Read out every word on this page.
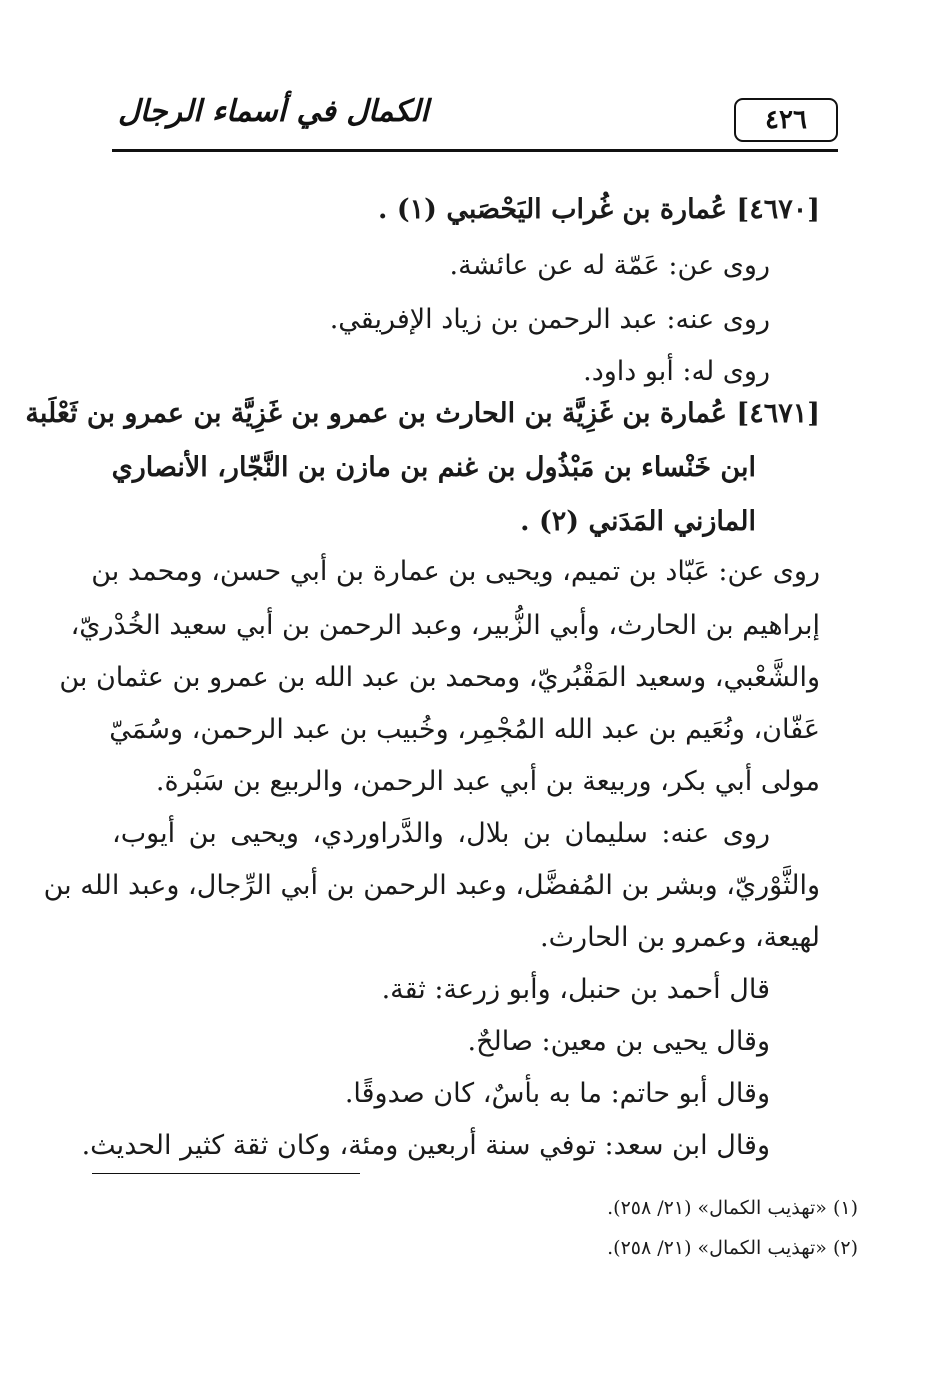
٤٢٦
الكمال في أسماء الرجال
[٤٦٧٠] عُمارة بن غُراب اليَحْصَبي (١) .
روى عن: عَمّة له عن عائشة.
روى عنه: عبد الرحمن بن زياد الإفريقي.
روى له: أبو داود.
[٤٦٧١] عُمارة بن غَزِيَّة بن الحارث بن عمرو بن غَزِيَّة بن عمرو بن ثَعْلَبة
ابن خَنْساء بن مَبْذُول بن غنم بن مازن بن النَّجّار، الأنصاري
المازني المَدَني (٢) .
روى عن: عَبّاد بن تميم، ويحيى بن عمارة بن أبي حسن، ومحمد بن
إبراهيم بن الحارث، وأبي الزُّبير، وعبد الرحمن بن أبي سعيد الخُدْريّ،
والشَّعْبي، وسعيد المَقْبُريّ، ومحمد بن عبد الله بن عمرو بن عثمان بن
عَفّان، ونُعَيم بن عبد الله المُجْمِر، وخُبيب بن عبد الرحمن، وسُمَيّ
مولى أبي بكر، وربيعة بن أبي عبد الرحمن، والربيع بن سَبْرة.
روى عنه: سليمان بن بلال، والدَّراوردي، ويحيى بن أيوب،
والثَّوْريّ، وبشر بن المُفضَّل، وعبد الرحمن بن أبي الرِّجال، وعبد الله بن
لهيعة، وعمرو بن الحارث.
قال أحمد بن حنبل، وأبو زرعة: ثقة.
وقال يحيى بن معين: صالحٌ.
وقال أبو حاتم: ما به بأسٌ، كان صدوقًا.
وقال ابن سعد: توفي سنة أربعين ومئة، وكان ثقة كثير الحديث.
(١) «تهذيب الكمال» (٢١/ ٢٥٨).
(٢) «تهذيب الكمال» (٢١/ ٢٥٨).
